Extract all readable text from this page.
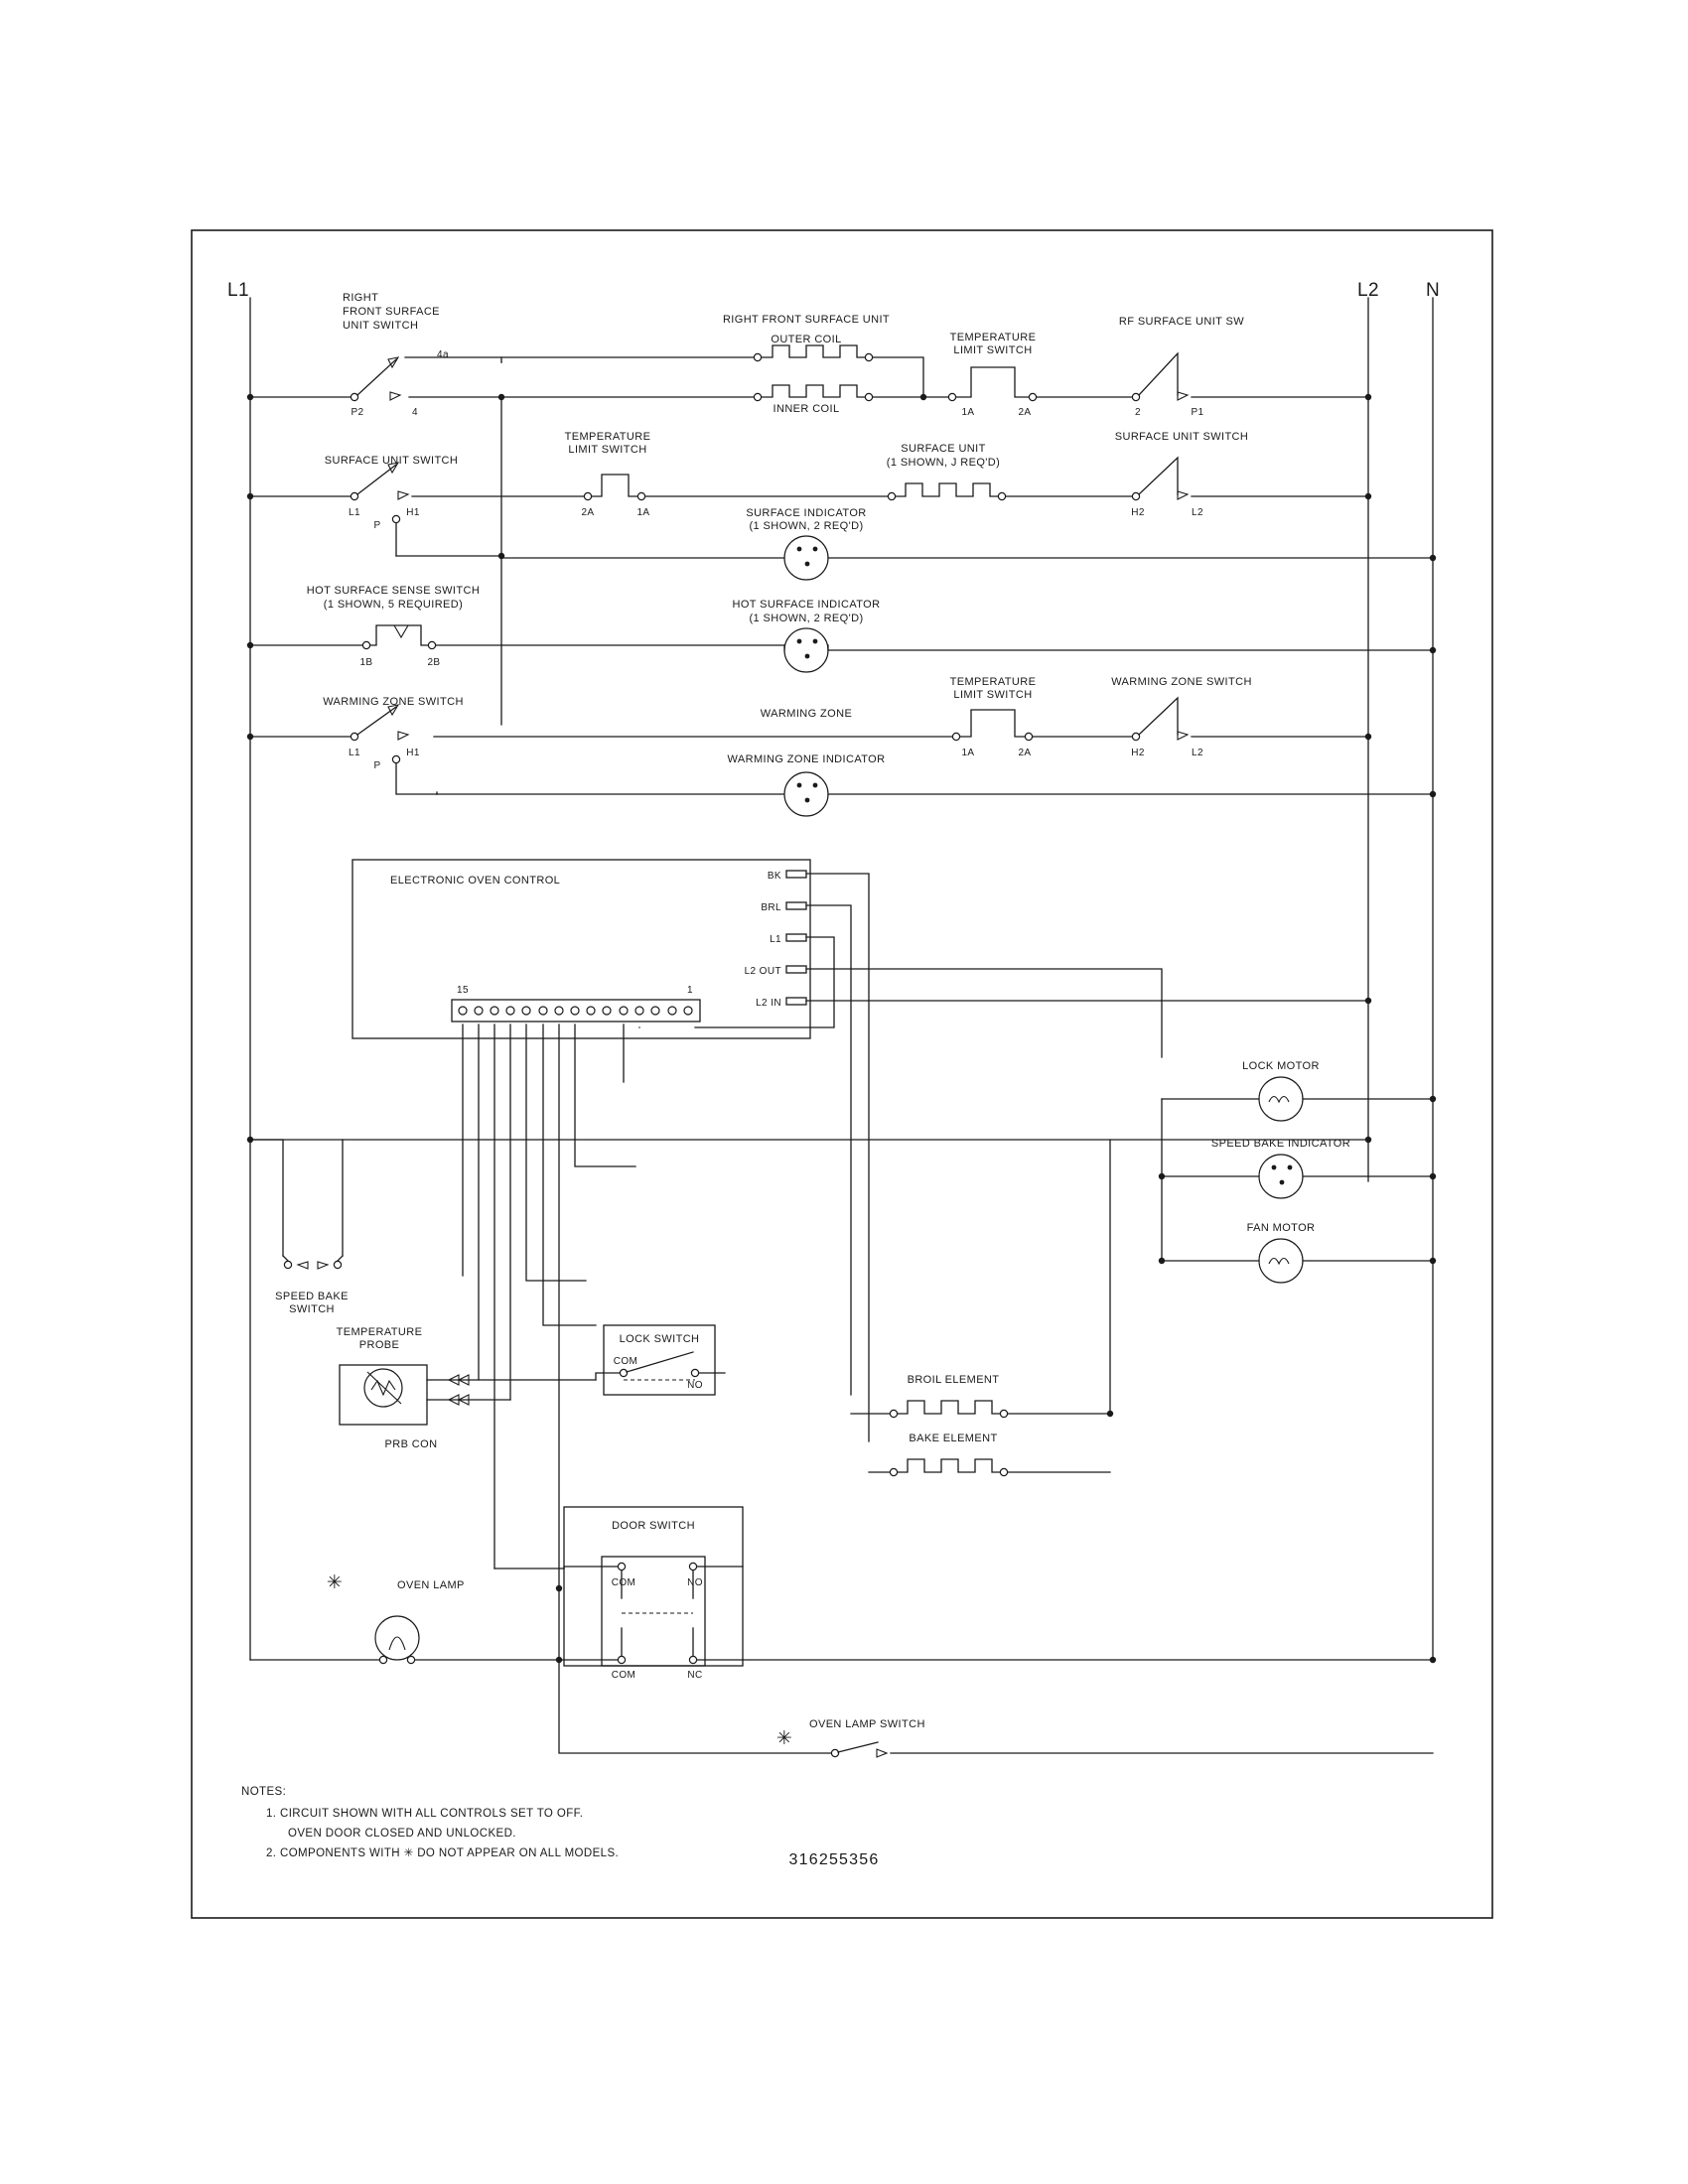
L1	L2 N
RIGHT
FRONT SURFACE
UNIT SWITCH
4a
P2	4
RIGHT FRONT SURFACE UNIT
OUTER COIL
INNER COIL
TEMPERATURE
LIMIT SWITCH
1A	2A
RF SURFACE UNIT SW
2	P1
SURFACE UNIT SWITCH
L1
P
H1
TEMPERATURE
LIMIT SWITCH
2A	1A
SURFACE UNIT
(1 SHOWN, J REQ'D)
SURFACE UNIT SWITCH
H2	L2
SURFACE INDICATOR
(1 SHOWN, 2 REQ'D)
HOT SURFACE SENSE SWITCH
(1 SHOWN, 5 REQUIRED)
1B	2B
HOT SURFACE INDICATOR
(1 SHOWN, 2 REQ'D)
WARMING ZONE SWITCH
L1
P
H1
WARMING ZONE
TEMPERATURE
LIMIT SWITCH
1A	2A
WARMING ZONE SWITCH
H2	L2
WARMING ZONE INDICATOR
ELECTRONIC OVEN CONTROL	BK
BRL
L1
L2 OUT
L2 IN
15	1
LOCK MOTOR
SPEED BAKE INDICATOR
FAN MOTOR
SPEED BAKE
SWITCH
TEMPERATURE
PROBE
PRB CON
LOCK SWITCH
COM
NO	BROIL ELEMENT
BAKE ELEMENT
DOOR SWITCH
COM	NO
COM	NC
✳	OVEN LAMP
✳
OVEN LAMP SWITCH
NOTES:
1. CIRCUIT SHOWN WITH ALL CONTROLS SET TO OFF.
OVEN DOOR CLOSED AND UNLOCKED.
2. COMPONENTS WITH ✳ DO NOT APPEAR ON ALL MODELS.	316255356
